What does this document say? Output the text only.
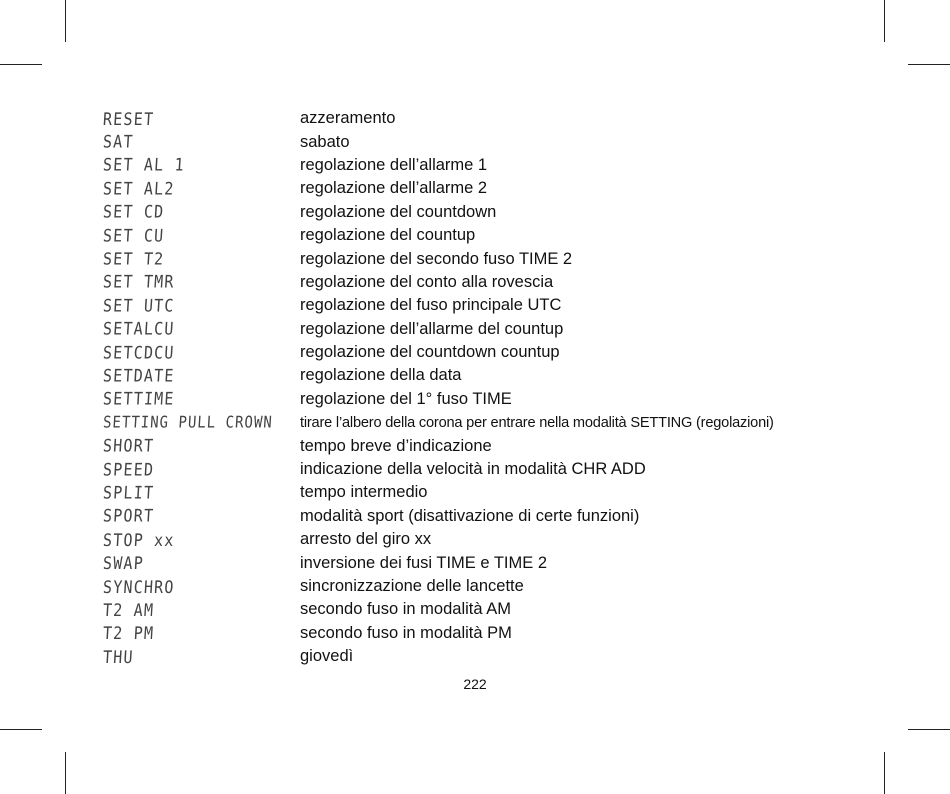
RESET	azzeramento
SAT	sabato
SET AL 1	regolazione dell’allarme 1
SET AL2	regolazione dell’allarme 2
SET CD	regolazione del countdown
SET CU	regolazione del countup
SET T2	regolazione del secondo fuso TIME 2
SET TMR	regolazione del conto alla rovescia
SET UTC	regolazione del fuso principale UTC
SETALCU	regolazione dell’allarme del countup
SETCDCU	regolazione del countdown countup
SETDATE	regolazione della data
SETTIME	regolazione del 1° fuso TIME
SETTING PULL CROWN	tirare l’albero della corona per entrare nella modalità SETTING (regolazioni)
SHORT	tempo breve d’indicazione
SPEED	indicazione della velocità in modalità CHR ADD
SPLIT	tempo intermedio
SPORT	modalità sport (disattivazione di certe funzioni)
STOP xx	arresto del giro xx
SWAP	inversione dei fusi TIME e TIME 2
SYNCHRO	sincronizzazione delle lancette
T2 AM	secondo fuso in modalità AM
T2 PM	secondo fuso in modalità PM
THU	giovedì
222
